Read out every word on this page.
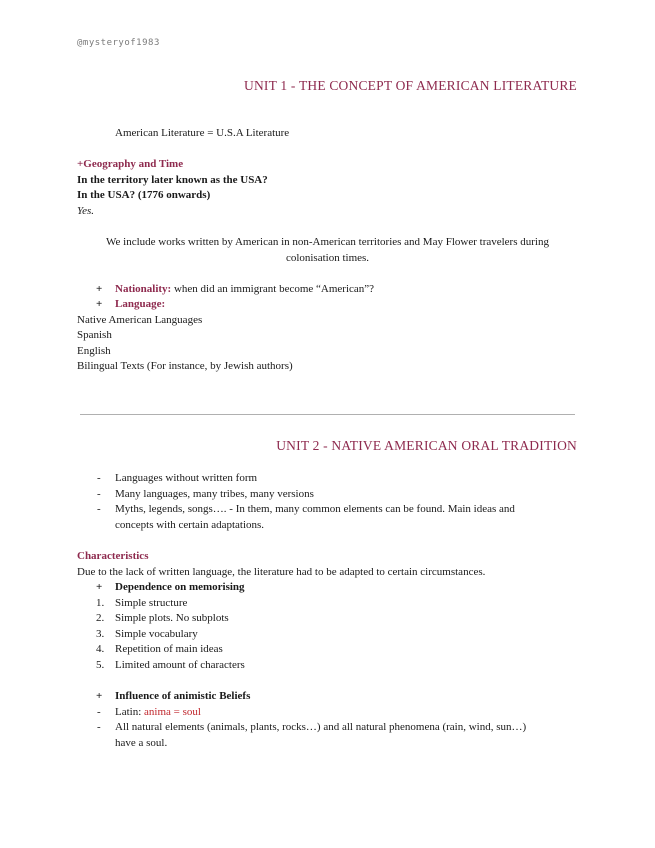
@mysteryof1983
UNIT 1 - THE CONCEPT OF AMERICAN LITERATURE
American Literature = U.S.A Literature
+Geography and Time
In the territory later known as the USA?
In the USA? (1776 onwards)
Yes.
We include works written by American in non-American territories and May Flower travelers during
colonisation times.
+ Nationality: when did an immigrant become “American”?
+ Language:
Native American Languages
Spanish
English
Bilingual Texts (For instance, by Jewish authors)
UNIT 2 - NATIVE AMERICAN ORAL TRADITION
- Languages without written form
- Many languages, many tribes, many versions
- Myths, legends, songs…. - In them, many common elements can be found. Main ideas and
concepts with certain adaptations.
Characteristics
Due to the lack of written language, the literature had to be adapted to certain circumstances.
+ Dependence on memorising
1. Simple structure
2. Simple plots. No subplots
3. Simple vocabulary
4. Repetition of main ideas
5. Limited amount of characters
+ Influence of animistic Beliefs
- Latin: anima = soul
- All natural elements (animals, plants, rocks…) and all natural phenomena (rain, wind, sun…)
have a soul.
